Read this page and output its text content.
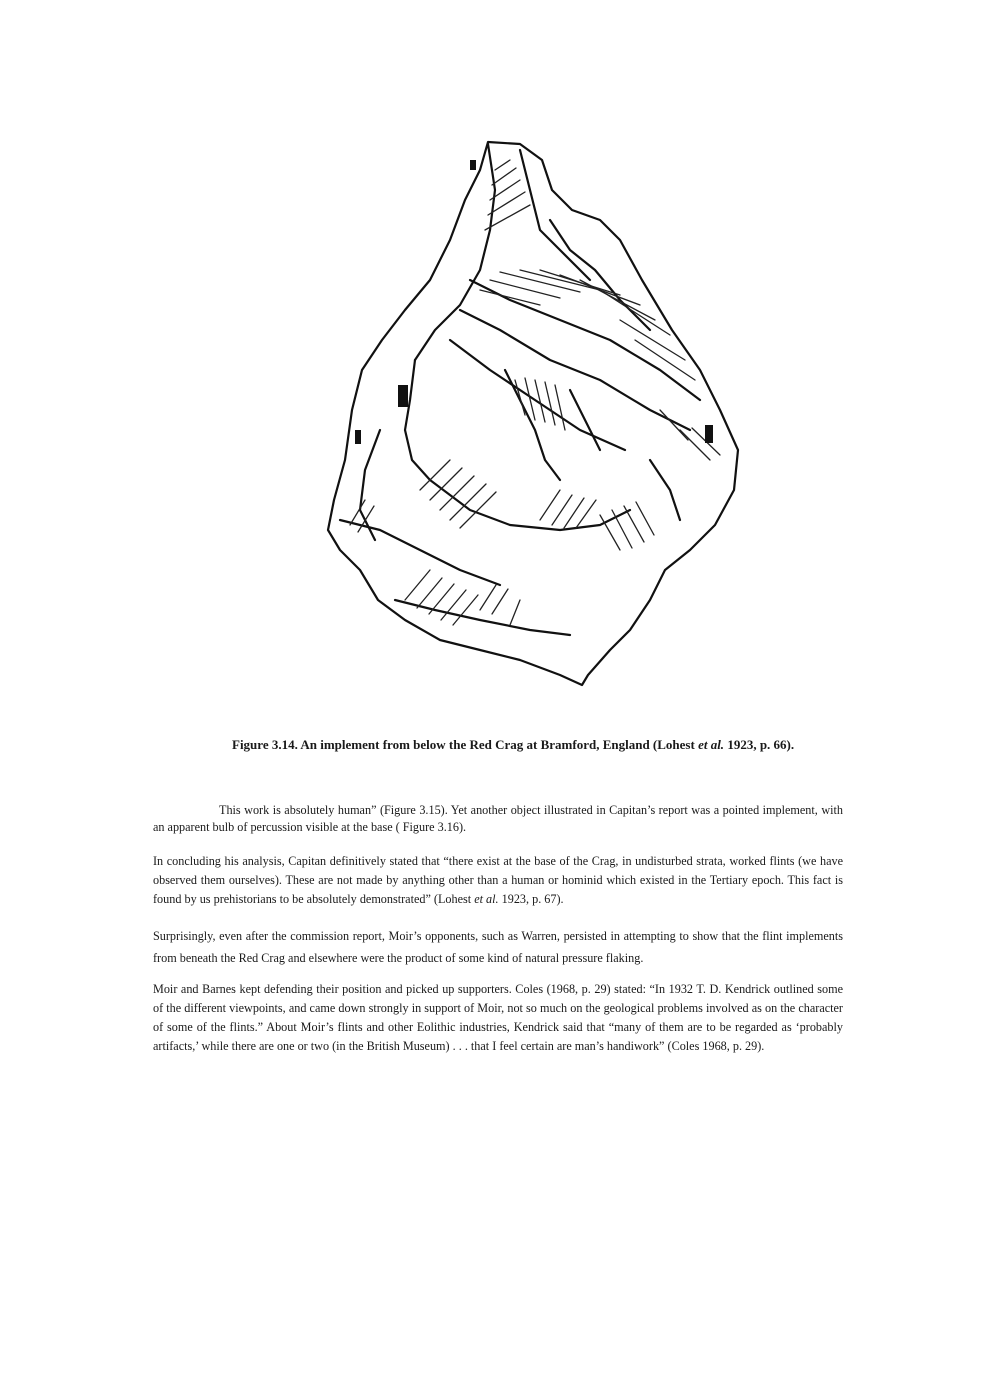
Figure 3.14. An implement from below the Red Crag at Bramford, England (Lohest et al. 1923, p. 66).

This work is absolutely human” (Figure 3.15). Yet another object illustrated in Capitan’s report was a pointed implement, with an apparent bulb of percussion visible at the base ( Figure 3.16).

In concluding his analysis, Capitan definitively stated that “there exist at the base of the Crag, in undisturbed strata, worked flints (we have observed them ourselves). These are not made by anything other than a human or hominid which existed in the Tertiary epoch. This fact is found by us prehistorians to be absolutely demonstrated” (Lohest et al. 1923, p. 67).

Surprisingly, even after the commission report, Moir’s opponents, such as Warren, persisted in attempting to show that the flint implements from beneath the Red Crag and elsewhere were the product of some kind of natural pressure flaking.

Moir and Barnes kept defending their position and picked up supporters. Coles (1968, p. 29) stated: “In 1932 T. D. Kendrick outlined some of the different viewpoints, and came down strongly in support of Moir, not so much on the geological problems involved as on the character of some of the flints.” About Moir’s flints and other Eolithic industries, Kendrick said that “many of them are to be regarded as ‘probably artifacts,’ while there are one or two (in the British Museum) . . . that I feel certain are man’s handiwork” (Coles 1968, p. 29).
